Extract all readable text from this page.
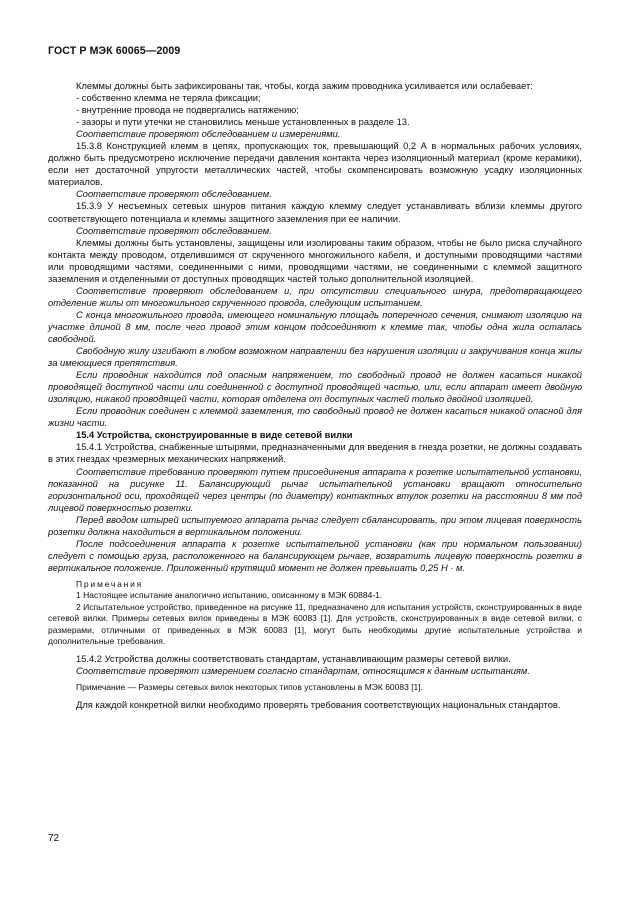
ГОСТ Р МЭК 60065—2009

Клеммы должны быть зафиксированы так, чтобы, когда зажим проводника усиливается или ослабевает:

- собственно клемма не теряла фиксации;

- внутренние провода не подвергались натяжению;

- зазоры и пути утечки не становились меньше установленных в разделе 13.

Соответствие проверяют обследованием и измерениями.

15.3.8 Конструкцией клемм в цепях, пропускающих ток, превышающий 0,2 А в нормальных рабочих условиях, должно быть предусмотрено исключение передачи давления контакта через изоляционный материал (кроме керамики), если нет достаточной упругости металлических частей, чтобы скомпенсировать возможную усадку изоляционных материалов.

Соответствие проверяют обследованием.

15.3.9 У несъемных сетевых шнуров питания каждую клемму следует устанавливать вблизи клеммы другого соответствующего потенциала и клеммы защитного заземления при ее наличии.

Соответствие проверяют обследованием.

Клеммы должны быть установлены, защищены или изолированы таким образом, чтобы не было риска случайного контакта между проводом, отделившимся от скрученного многожильного кабеля, и доступными проводящими частями или проводящими частями, соединенными с ними, проводящими частями, не соединенными с клеммой защитного заземления и отделенными от доступных проводящих частей только дополнительной изоляцией.

Соответствие проверяют обследованием и, при отсутствии специального шнура, предотвращающего отделение жилы от многожильного скрученного провода, следующим испытанием.

С конца многожильного провода, имеющего номинальную площадь поперечного сечения, снимают изоляцию на участке длиной 8 мм, после чего провод этим концом подсоединяют к клемме так, чтобы одна жила осталась свободной.

Свободную жилу изгибают в любом возможном направлении без нарушения изоляции и закручивания конца жилы за имеющиеся препятствия.

Если проводник находится под опасным напряжением, то свободный провод не должен касаться никакой проводящей доступной части или соединенной с доступной проводящей частью, или, если аппарат имеет двойную изоляцию, никакой проводящей части, которая отделена от доступных частей только двойной изоляцией.

Если проводник соединен с клеммой заземления, то свободный провод не должен касаться никакой опасной для жизни части.

15.4 Устройства, сконструированные в виде сетевой вилки

15.4.1 Устройства, снабженные штырями, предназначенными для введения в гнезда розетки, не должны создавать в этих гнездах чрезмерных механических напряжений.

Соответствие требованию проверяют путем присоединения аппарата к розетке испытательной установки, показанной на рисунке 11. Балансирующий рычаг испытательной установки вращают относительно горизонтальной оси, проходящей через центры (по диаметру) контактных втулок розетки на расстоянии 8 мм под лицевой поверхностью розетки.

Перед вводом штырей испытуемого аппарата рычаг следует сбалансировать, при этом лицевая поверхность розетки должна находиться в вертикальном положении.

После подсоединения аппарата к розетке испытательной установки (как при нормальном пользовании) следует с помощью груза, расположенного на балансирующем рычаге, возвратить лицевую поверхность розетки в вертикальное положение. Приложенный крутящий момент не должен превышать 0,25 Н · м.

Примечания

1 Настоящее испытание аналогично испытанию, описанному в МЭК 60884-1.

2 Испытательное устройство, приведенное на рисунке 11, предназначено для испытания устройств, сконструированных в виде сетевой вилки. Примеры сетевых вилок приведены в МЭК 60083 [1]. Для устройств, сконструированных в виде сетевой вилки, с размерами, отличными от приведенных в МЭК 60083 [1], могут быть необходимы другие испытательные устройства и дополнительные требования.

15.4.2 Устройства должны соответствовать стандартам, устанавливающим размеры сетевой вилки.

Соответствие проверяют измерением согласно стандартам, относящимся к данным испытаниям.

Примечание — Размеры сетевых вилок некоторых типов установлены в МЭК 60083 [1].

Для каждой конкретной вилки необходимо проверять требования соответствующих национальных стандартов.

72
